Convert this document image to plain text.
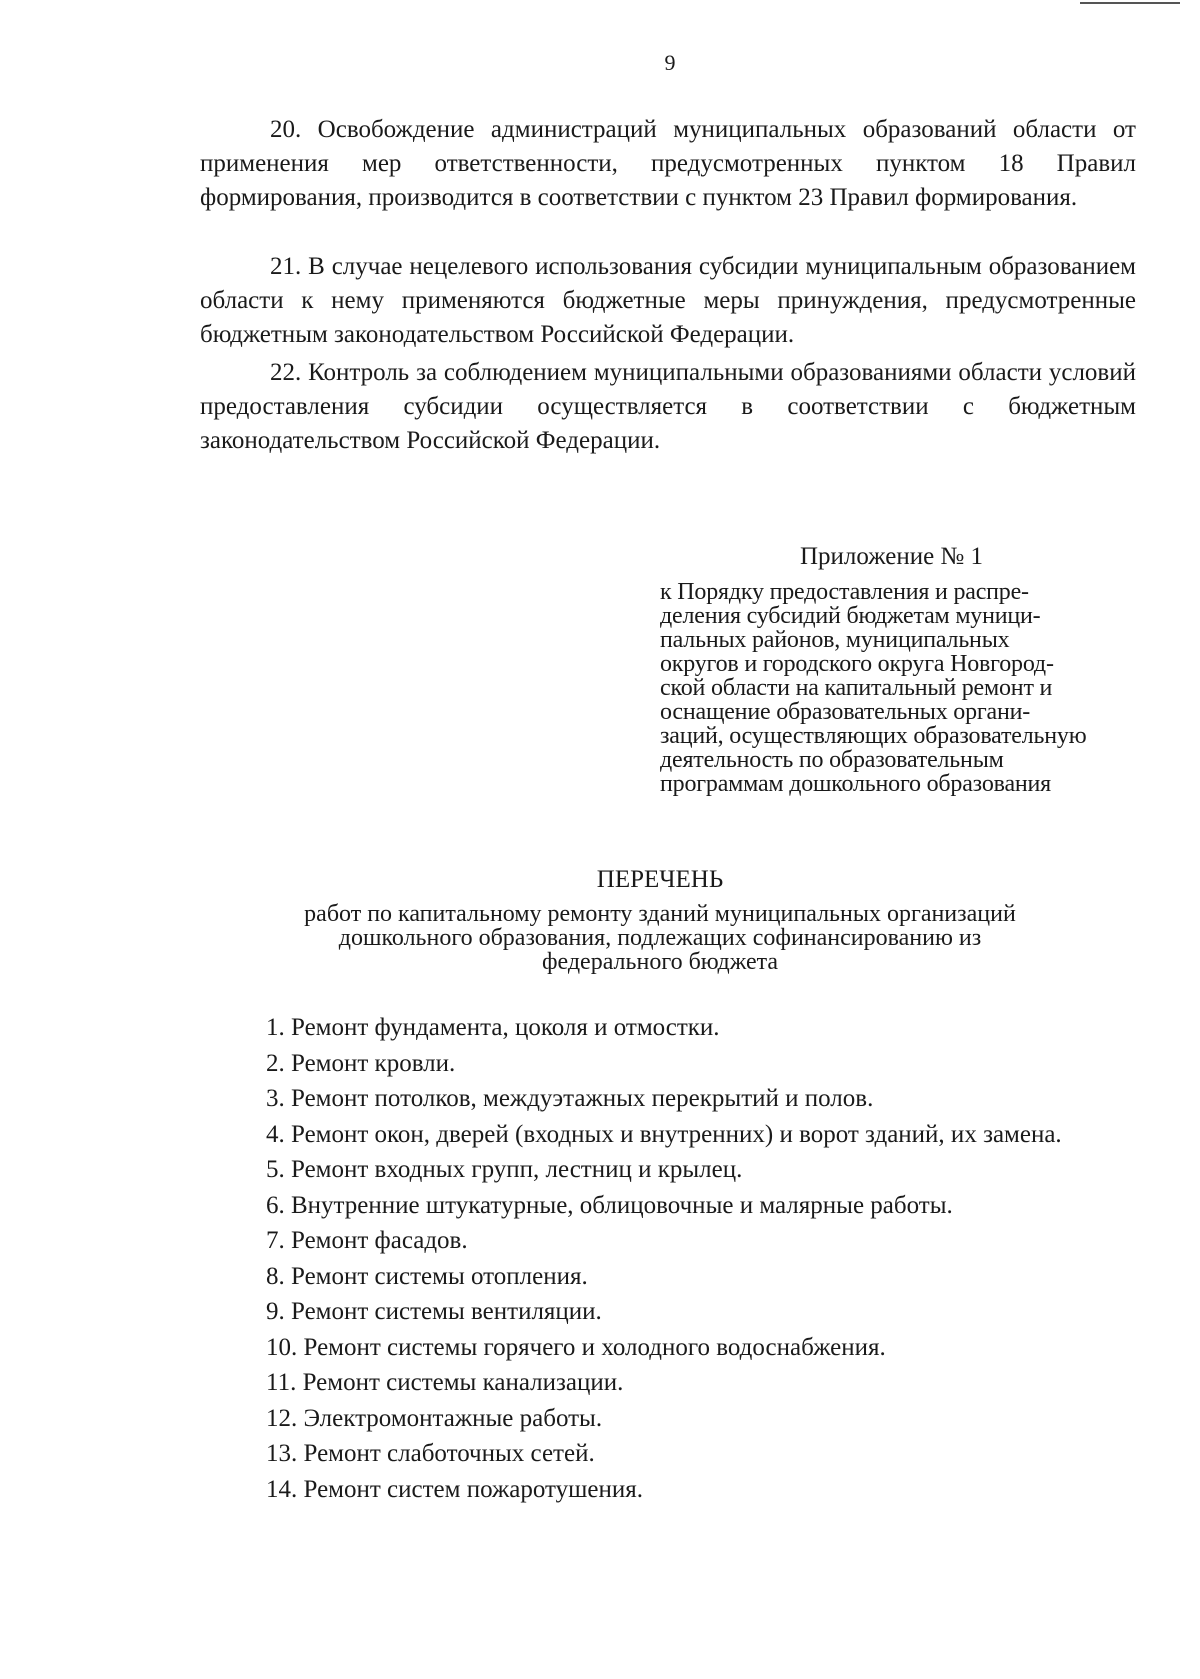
9

20. Освобождение администраций муниципальных образований области от применения мер ответственности, предусмотренных пунктом 18 Правил формирования, производится в соответствии с пунктом 23 Правил формирования.

21. В случае нецелевого использования субсидии муниципальным образованием области к нему применяются бюджетные меры принуждения, предусмотренные бюджетным законодательством Российской Федерации.

22. Контроль за соблюдением муниципальными образованиями области условий предоставления субсидии осуществляется в соответствии с бюджетным законодательством Российской Федерации.

Приложение № 1
к Порядку предоставления и распре-
деления субсидий бюджетам муници-
пальных районов, муниципальных
округов и городского округа Новгород-
ской области на капитальный ремонт и
оснащение образовательных органи-
заций, осуществляющих образовательную
деятельность по образовательным
программам дошкольного образования
ПЕРЕЧЕНЬ
работ по капитальному ремонту зданий муниципальных организаций
дошкольного образования, подлежащих софинансированию из
федерального бюджета
1. Ремонт фундамента, цоколя и отмостки.
2. Ремонт кровли.
3. Ремонт потолков, междуэтажных перекрытий и полов.
4. Ремонт окон, дверей (входных и внутренних) и ворот зданий, их замена.
5. Ремонт входных групп, лестниц и крылец.
6. Внутренние штукатурные, облицовочные и малярные работы.
7. Ремонт фасадов.
8. Ремонт системы отопления.
9. Ремонт системы вентиляции.
10. Ремонт системы горячего и холодного водоснабжения.
11. Ремонт системы канализации.
12. Электромонтажные работы.
13. Ремонт слаботочных сетей.
14. Ремонт систем пожаротушения.
